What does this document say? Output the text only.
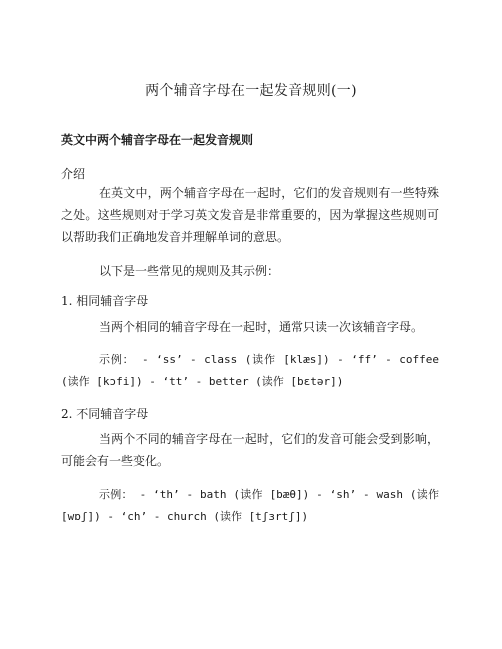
两个辅音字母在一起发音规则(一)
英文中两个辅音字母在一起发音规则
介绍
在英文中，两个辅音字母在一起时，它们的发音规则有一些特殊之处。这些规则对于学习英文发音是非常重要的，因为掌握这些规则可以帮助我们正确地发音并理解单词的意思。
以下是一些常见的规则及其示例：
1. 相同辅音字母
当两个相同的辅音字母在一起时，通常只读一次该辅音字母。
示例： - ‘ss’ - class (读作 [klæs]) - ‘ff’ - coffee (读作 [kɔfi]) - ‘tt’ - better (读作 [bɛtər])
2. 不同辅音字母
当两个不同的辅音字母在一起时，它们的发音可能会受到影响，可能会有一些变化。
示例： - ‘th’ - bath (读作 [bæθ]) - ‘sh’ - wash (读作 [wɒʃ]) - ‘ch’ - church (读作 [tʃɜrtʃ])
